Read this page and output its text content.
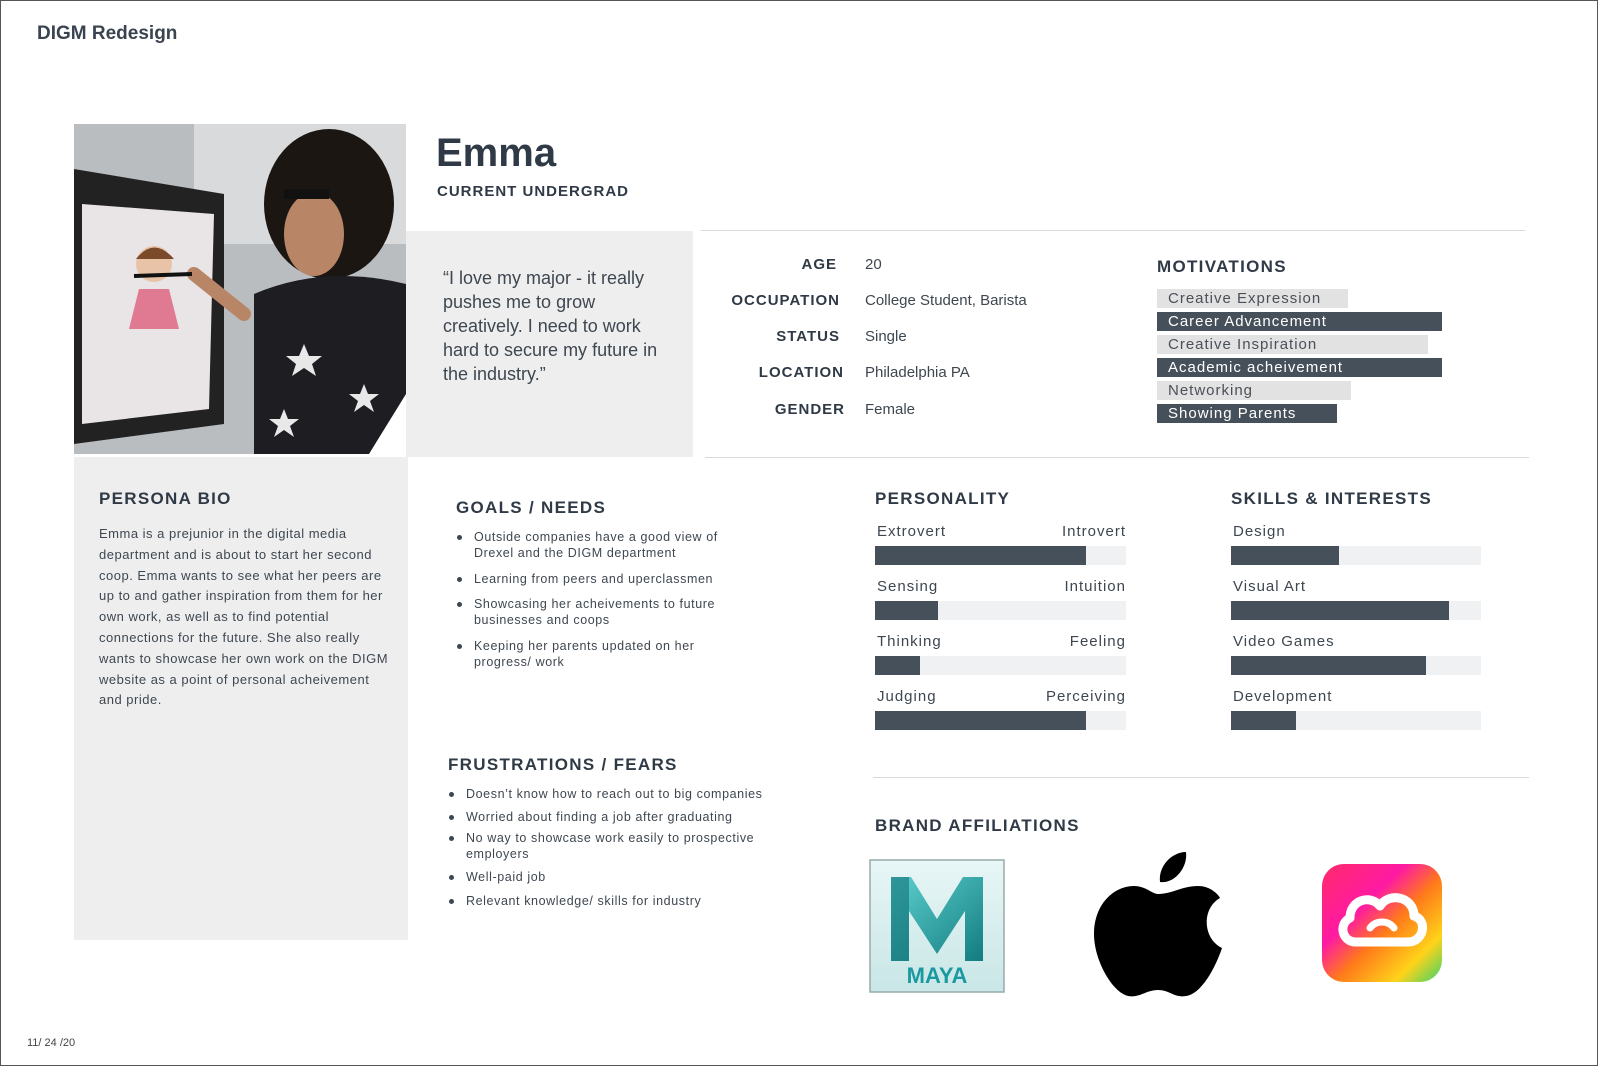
DIGM Redesign
11/ 24 /20
Emma
CURRENT UNDERGRAD
“I love my major - it really pushes me to grow creatively. I need to work hard to secure my future in the industry.”
AGE 20
OCCUPATION College Student, Barista
STATUS Single
LOCATION Philadelphia PA
GENDER Female
MOTIVATIONS
Creative Expression
Career Advancement
Creative Inspiration
Academic acheivement
Networking
Showing Parents
PERSONA BIO
Emma is a prejunior in the digital media department and is about to start her second coop. Emma wants to see what her peers are up to and gather inspiration from them for her own work, as well as to find potential connections for the future. She also really wants to showcase her own work on the DIGM website as a point of personal acheivement and pride.
GOALS / NEEDS
Outside companies have a good view of Drexel and the DIGM department
Learning from peers and uperclassmen
Showcasing her acheivements to future businesses and coops
Keeping her parents updated on her progress/ work
FRUSTRATIONS / FEARS
Doesn’t know how to reach out to big companies
Worried about finding a job after graduating
No way to showcase work easily to prospective employers
Well-paid job
Relevant knowledge/ skills for industry
PERSONALITY
Extrovert	Introvert
Sensing	Intuition
Thinking	Feeling
Judging	Perceiving
SKILLS & INTERESTS
Design
Visual Art
Video Games
Development
BRAND AFFILIATIONS
MAYA
